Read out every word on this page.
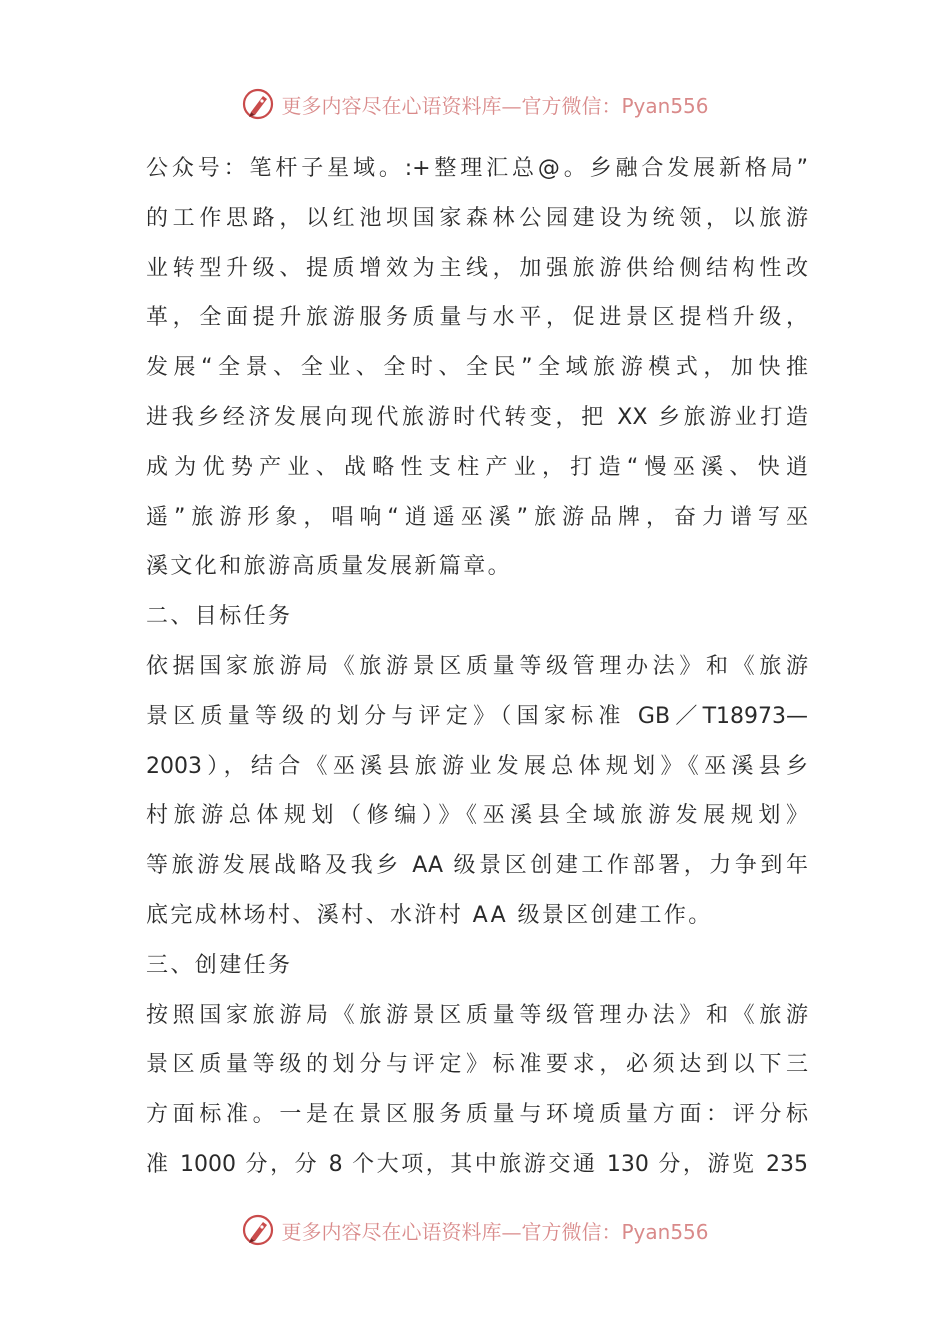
更多内容尽在心语资料库—官方微信：Pyan556
公众号：笔杆子星域。:+整理汇总@。乡融合发展新格局”
的工作思路，以红池坝国家森林公园建设为统领，以旅游
业转型升级、提质增效为主线，加强旅游供给侧结构性改
革，全面提升旅游服务质量与水平，促进景区提档升级，
发展“全景、全业、全时、全民”全域旅游模式，加快推
进我乡经济发展向现代旅游时代转变，把 XX 乡旅游业打造
成为优势产业、战略性支柱产业，打造“慢巫溪、快逍
遥”旅游形象，唱响“逍遥巫溪”旅游品牌，奋力谱写巫
溪文化和旅游高质量发展新篇章。
二、目标任务
依据国家旅游局《旅游景区质量等级管理办法》和《旅游
景区质量等级的划分与评定》（国家标准 GB／T18973—
2003），结合《巫溪县旅游业发展总体规划》《巫溪县乡
村旅游总体规划（修编）》《巫溪县全域旅游发展规划》
等旅游发展战略及我乡 AA 级景区创建工作部署，力争到年
底完成林场村、溪村、水浒村 AA 级景区创建工作。
三、创建任务
按照国家旅游局《旅游景区质量等级管理办法》和《旅游
景区质量等级的划分与评定》标准要求，必须达到以下三
方面标准。一是在景区服务质量与环境质量方面：评分标
准 1000 分，分 8 个大项，其中旅游交通 130 分，游览 235
更多内容尽在心语资料库—官方微信：Pyan556
